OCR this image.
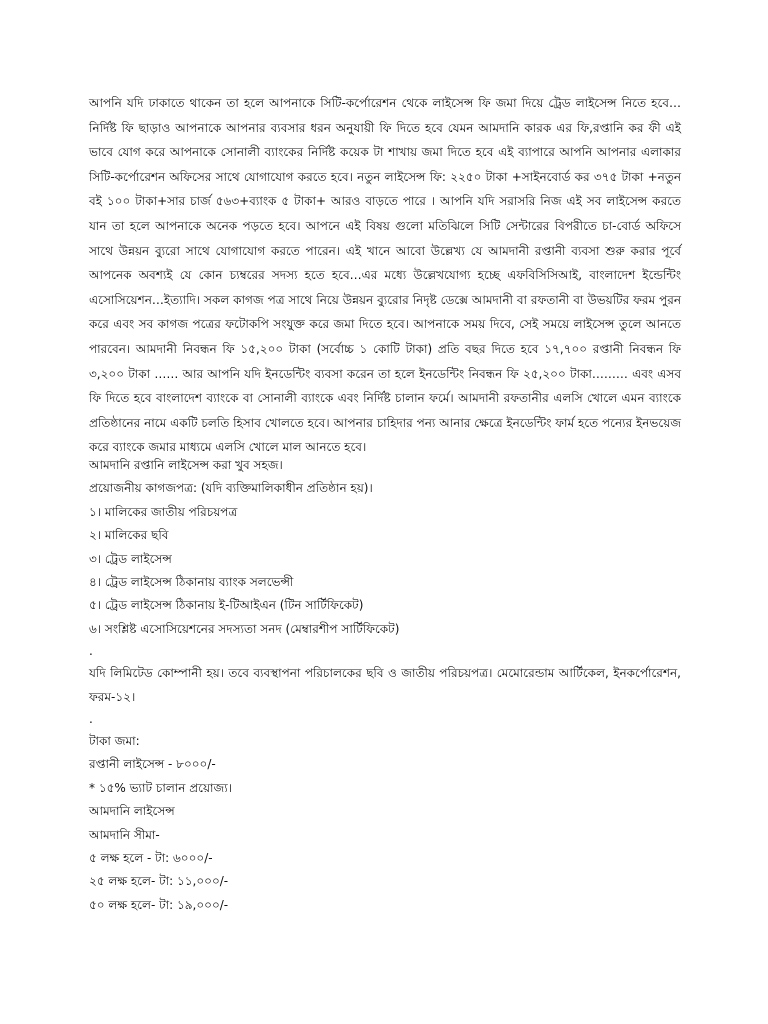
আপনি যদি ঢাকাতে থাকেন তা হলে আপনাকে সিটি-কর্পোরেশন থেকে লাইসেন্স ফি জমা দিয়ে ট্রেড লাইসেন্স নিতে হবে… নির্দিষ্ট ফি ছাড়াও আপনাকে আপনার ব্যবসার ধরন অনুযায়ী ফি দিতে হবে যেমন আমদানি কারক এর ফি,রপ্তানি কর ফী এই ভাবে যোগ করে আপনাকে সোনালী ব্যাংকের নির্দিষ্ট কয়েক টা শাখায় জমা দিতে হবে এই ব্যাপারে আপনি আপনার এলাকার সিটি-কর্পোরেশন অফিসের সাথে যোগাযোগ করতে হবে। নতুন লাইসেন্স ফি: ২২৫০ টাকা +সাইনবোর্ড কর ৩৭৫ টাকা +নতুন বই ১০০ টাকা+সার চার্জ ৫৬৩+ব্যাংক ৫ টাকা+ আরও বাড়তে পারে । আপনি যদি সরাসরি নিজ এই সব লাইসেন্স করতে যান তা হলে আপনাকে অনেক পড়তে হবে। আপনে এই বিষয় গুলো মতিঝিলে সিটি সেন্টারের বিপরীতে চা-বোর্ড অফিসে সাথে উন্নয়ন ব্যুরো সাথে যোগাযোগ করতে পারেন। এই খানে আবো উল্লেখ্য যে আমদানী রপ্তানী ব্যবসা শুরু করার পূর্বে আপনেক অবশ্যই যে কোন চ্যম্বরের সদস্য হতে হবে…এর মধ্যে উল্লেখযোগ্য হচ্ছে এফবিসিসিআই, বাংলাদেশ ইন্ডেন্টিং এসোসিয়েশন…ইত্যাদি। সকল কাগজ পত্র সাথে নিয়ে উন্নয়ন ব্যুরোর নিদৃষ্ট ডেক্সে আমদানী বা রফতানী বা উভয়টির ফরম পুরন করে এবং সব কাগজ পত্রের ফটোকপি সংযুক্ত করে জমা দিতে হবে। আপনাকে সময় দিবে, সেই সময়ে লাইসেন্স তুলে আনতে পারবেন। আমদানী নিবন্ধন ফি ১৫,২০০ টাকা (সর্বোচ্চ ১ কোটি টাকা) প্রতি বছর দিতে হবে ১৭,৭০০ রপ্তানী নিবন্ধন ফি ৩,২০০ টাকা …… আর আপনি যদি ইনডেন্টিং ব্যবসা করেন তা হলে ইনডেন্টিং নিবন্ধন ফি ২৫,২০০ টাকা……… এবং এসব ফি দিতে হবে বাংলাদেশ ব্যাংকে বা সোনালী ব্যাংকে এবং নির্দিষ্ট চালান ফর্মে। আমদানী রফতানীর এলসি খোলে এমন ব্যাংকে প্রতিষ্ঠানের নামে একটি চলতি হিসাব খোলতে হবে। আপনার চাহিদার পন্য আনার ক্ষেত্রে ইনডেন্টিং ফার্ম হতে পন্যের ইনভয়েজ করে ব্যাংকে জমার মাধ্যমে এলসি খোলে মাল আনতে হবে।

আমদানি রপ্তানি লাইসেন্স করা খুব সহজ।
প্রয়োজনীয় কাগজপত্র: (যদি ব্যক্তিমালিকাধীন প্রতিষ্ঠান হয়)।
১। মালিকের জাতীয় পরিচয়পত্র
২। মালিকের ছবি
৩। ট্রেড লাইসেন্স
৪। ট্রেড লাইসেন্স ঠিকানায় ব্যাংক সলভেন্সী
৫। ট্রেড লাইসেন্স ঠিকানায় ই-টিআইএন (টিন সার্টিফিকেট)
৬। সংশ্লিষ্ট এসোসিয়েশনের সদস্যতা সনদ (মেম্বারশীপ সার্টিফিকেট)
.
যদি লিমিটেড কোম্পানী হয়। তবে ব্যবস্থাপনা পরিচালকের ছবি ও জাতীয় পরিচয়পত্র। মেমোরেন্ডাম আর্টিকেল, ইনকর্পোরেশন, ফরম-১২।
.
টাকা জমা:
রপ্তানী লাইসেন্স - ৮০০০/-
* ১৫% ভ্যাট চালান প্রয়োজ্য।
আমদানি লাইসেন্স
আমদানি সীমা-
৫ লক্ষ হলে - টা: ৬০০০/-
২৫ লক্ষ হলে- টা: ১১,০০০/-
৫০ লক্ষ হলে- টা: ১৯,০০০/-
